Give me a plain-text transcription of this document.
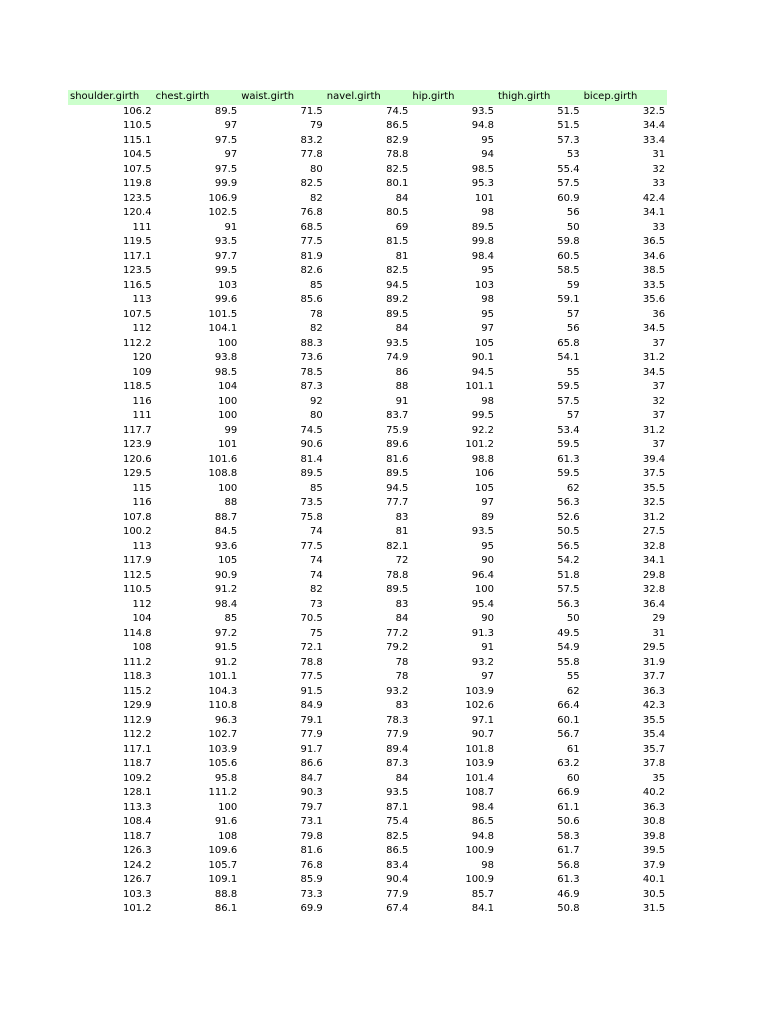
shoulder.girth	chest.girth	waist.girth	navel.girth	hip.girth	thigh.girth	bicep.girth
106.2	89.5	71.5	74.5	93.5	51.5	32.5
110.5	97	79	86.5	94.8	51.5	34.4
115.1	97.5	83.2	82.9	95	57.3	33.4
104.5	97	77.8	78.8	94	53	31
107.5	97.5	80	82.5	98.5	55.4	32
119.8	99.9	82.5	80.1	95.3	57.5	33
123.5	106.9	82	84	101	60.9	42.4
120.4	102.5	76.8	80.5	98	56	34.1
111	91	68.5	69	89.5	50	33
119.5	93.5	77.5	81.5	99.8	59.8	36.5
117.1	97.7	81.9	81	98.4	60.5	34.6
123.5	99.5	82.6	82.5	95	58.5	38.5
116.5	103	85	94.5	103	59	33.5
113	99.6	85.6	89.2	98	59.1	35.6
107.5	101.5	78	89.5	95	57	36
112	104.1	82	84	97	56	34.5
112.2	100	88.3	93.5	105	65.8	37
120	93.8	73.6	74.9	90.1	54.1	31.2
109	98.5	78.5	86	94.5	55	34.5
118.5	104	87.3	88	101.1	59.5	37
116	100	92	91	98	57.5	32
111	100	80	83.7	99.5	57	37
117.7	99	74.5	75.9	92.2	53.4	31.2
123.9	101	90.6	89.6	101.2	59.5	37
120.6	101.6	81.4	81.6	98.8	61.3	39.4
129.5	108.8	89.5	89.5	106	59.5	37.5
115	100	85	94.5	105	62	35.5
116	88	73.5	77.7	97	56.3	32.5
107.8	88.7	75.8	83	89	52.6	31.2
100.2	84.5	74	81	93.5	50.5	27.5
113	93.6	77.5	82.1	95	56.5	32.8
117.9	105	74	72	90	54.2	34.1
112.5	90.9	74	78.8	96.4	51.8	29.8
110.5	91.2	82	89.5	100	57.5	32.8
112	98.4	73	83	95.4	56.3	36.4
104	85	70.5	84	90	50	29
114.8	97.2	75	77.2	91.3	49.5	31
108	91.5	72.1	79.2	91	54.9	29.5
111.2	91.2	78.8	78	93.2	55.8	31.9
118.3	101.1	77.5	78	97	55	37.7
115.2	104.3	91.5	93.2	103.9	62	36.3
129.9	110.8	84.9	83	102.6	66.4	42.3
112.9	96.3	79.1	78.3	97.1	60.1	35.5
112.2	102.7	77.9	77.9	90.7	56.7	35.4
117.1	103.9	91.7	89.4	101.8	61	35.7
118.7	105.6	86.6	87.3	103.9	63.2	37.8
109.2	95.8	84.7	84	101.4	60	35
128.1	111.2	90.3	93.5	108.7	66.9	40.2
113.3	100	79.7	87.1	98.4	61.1	36.3
108.4	91.6	73.1	75.4	86.5	50.6	30.8
118.7	108	79.8	82.5	94.8	58.3	39.8
126.3	109.6	81.6	86.5	100.9	61.7	39.5
124.2	105.7	76.8	83.4	98	56.8	37.9
126.7	109.1	85.9	90.4	100.9	61.3	40.1
103.3	88.8	73.3	77.9	85.7	46.9	30.5
101.2	86.1	69.9	67.4	84.1	50.8	31.5
